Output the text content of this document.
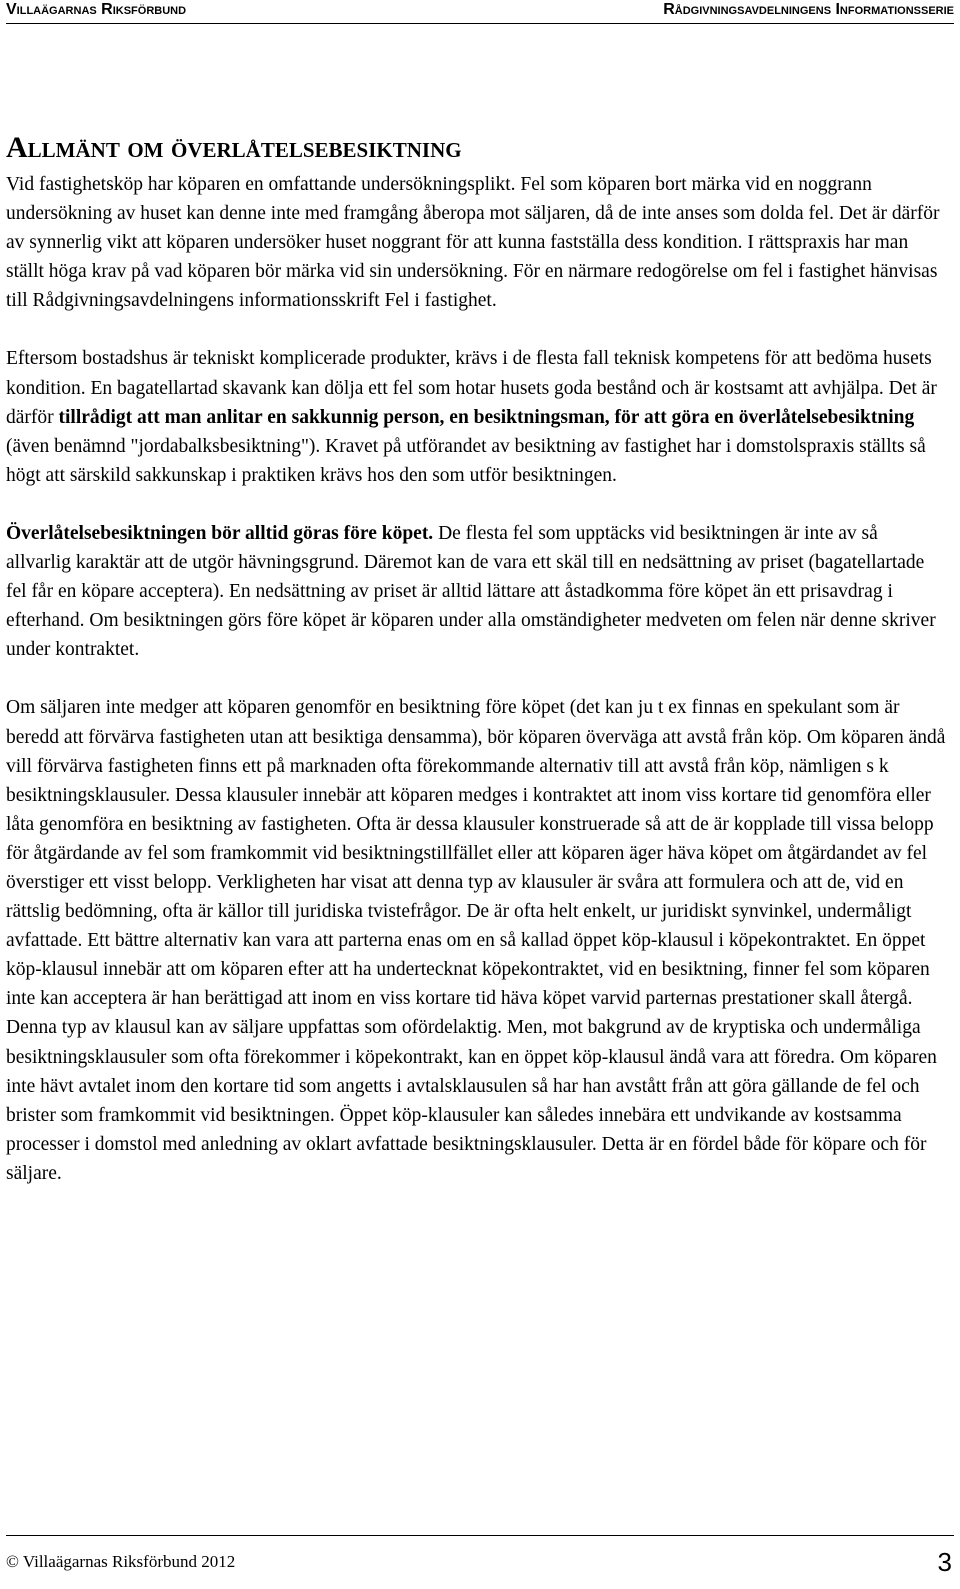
Villaägarnas Riksförbund	Rådgivningsavdelningens Informationsserie
Allmänt om överlåtelsebesiktning

Vid fastighetsköp har köparen en omfattande undersökningsplikt. Fel som köparen bort märka vid en noggrann undersökning av huset kan denne inte med framgång åberopa mot säljaren, då de inte anses som dolda fel. Det är därför av synnerlig vikt att köparen undersöker huset noggrant för att kunna fastställa dess kondition. I rättspraxis har man ställt höga krav på vad köparen bör märka vid sin undersökning. För en närmare redogörelse om fel i fastighet hänvisas till Rådgivningsavdelningens informationsskrift Fel i fastighet.

Eftersom bostadshus är tekniskt komplicerade produkter, krävs i de flesta fall teknisk kompetens för att bedöma husets kondition. En bagatellartad skavank kan dölja ett fel som hotar husets goda bestånd och är kostsamt att avhjälpa. Det är därför tillrådigt att man anlitar en sakkunnig person, en besiktningsman, för att göra en överlåtelsebesiktning (även benämnd "jordabalksbesiktning"). Kravet på utförandet av besiktning av fastighet har i domstolspraxis ställts så högt att särskild sakkunskap i praktiken krävs hos den som utför besiktningen.

Överlåtelsebesiktningen bör alltid göras före köpet. De flesta fel som upptäcks vid besiktningen är inte av så allvarlig karaktär att de utgör hävningsgrund. Däremot kan de vara ett skäl till en nedsättning av priset (bagatellartade fel får en köpare acceptera). En nedsättning av priset är alltid lättare att åstadkomma före köpet än ett prisavdrag i efterhand. Om besiktningen görs före köpet är köparen under alla omständigheter medveten om felen när denne skriver under kontraktet.

Om säljaren inte medger att köparen genomför en besiktning före köpet (det kan ju t ex finnas en spekulant som är beredd att förvärva fastigheten utan att besiktiga densamma), bör köparen överväga att avstå från köp. Om köparen ändå vill förvärva fastigheten finns ett på marknaden ofta förekommande alternativ till att avstå från köp, nämligen s k besiktningsklausuler. Dessa klausuler innebär att köparen medges i kontraktet att inom viss kortare tid genomföra eller låta genomföra en besiktning av fastigheten. Ofta är dessa klausuler konstruerade så att de är kopplade till vissa belopp för åtgärdande av fel som framkommit vid besiktningstillfället eller att köparen äger häva köpet om åtgärdandet av fel överstiger ett visst belopp. Verkligheten har visat att denna typ av klausuler är svåra att formulera och att de, vid en rättslig bedömning, ofta är källor till juridiska tvistefrågor. De är ofta helt enkelt, ur juridiskt synvinkel, undermåligt avfattade. Ett bättre alternativ kan vara att parterna enas om en så kallad öppet köp-klausul i köpekontraktet. En öppet köp-klausul innebär att om köparen efter att ha undertecknat köpekontraktet, vid en besiktning, finner fel som köparen inte kan acceptera är han berättigad att inom en viss kortare tid häva köpet varvid parternas prestationer skall återgå. Denna typ av klausul kan av säljare uppfattas som ofördelaktig. Men, mot bakgrund av de kryptiska och undermåliga besiktningsklausuler som ofta förekommer i köpekontrakt, kan en öppet köp-klausul ändå vara att föredra. Om köparen inte hävt avtalet inom den kortare tid som angetts i avtalsklausulen så har han avstått från att göra gällande de fel och brister som framkommit vid besiktningen. Öppet köp-klausuler kan således innebära ett undvikande av kostsamma processer i domstol med anledning av oklart avfattade besiktningsklausuler. Detta är en fördel både för köpare och för säljare.

© Villaägarnas Riksförbund 2012	3
